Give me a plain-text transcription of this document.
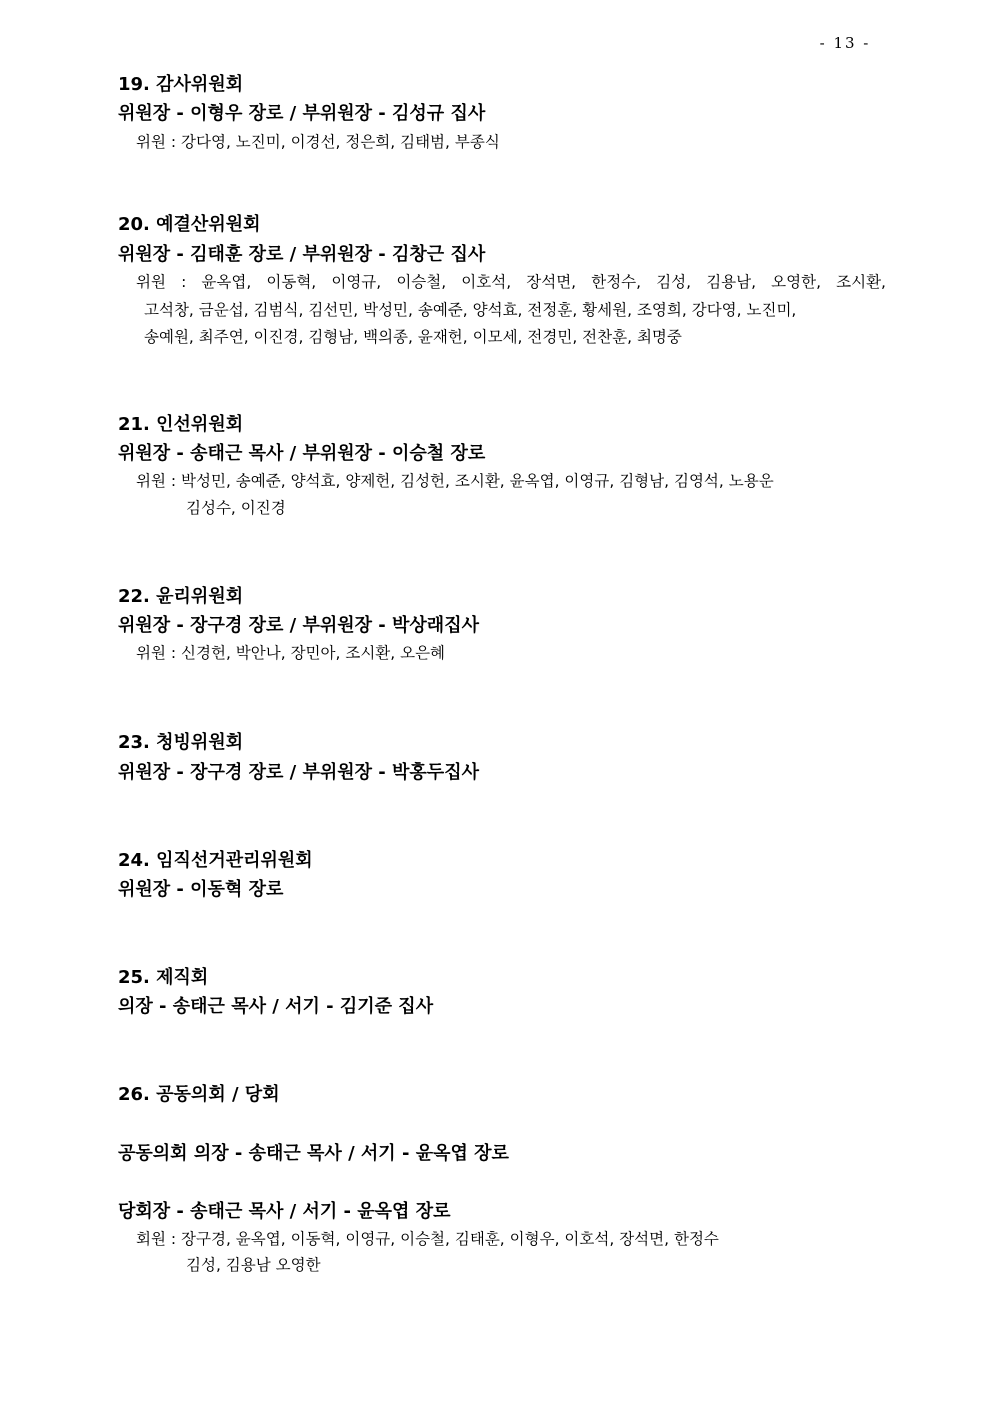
- 13 -
19. 감사위원회
위원장 - 이형우 장로 / 부위원장 - 김성규 집사
위원 : 강다영, 노진미, 이경선, 정은희, 김태범, 부종식
20. 예결산위원회
위원장 - 김태훈 장로 / 부위원장 - 김창근 집사
위원 : 윤옥엽, 이동혁, 이영규, 이승철, 이호석, 장석면, 한정수, 김성, 김용남, 오영한, 조시환,
고석창, 금운섭, 김범식, 김선민, 박성민, 송예준, 양석효, 전정훈, 황세원, 조영희, 강다영, 노진미,
송예원, 최주연, 이진경, 김형남, 백의종, 윤재헌, 이모세, 전경민, 전찬훈, 최명중
21. 인선위원회
위원장 - 송태근 목사 / 부위원장 - 이승철 장로
위원 : 박성민, 송예준, 양석효, 양제헌, 김성헌, 조시환, 윤옥엽, 이영규, 김형남, 김영석, 노용운
김성수, 이진경
22. 윤리위원회
위원장 - 장구경 장로 / 부위원장 - 박상래집사
위원 : 신경헌, 박안나, 장민아, 조시환, 오은혜
23. 청빙위원회
위원장 - 장구경 장로 / 부위원장 - 박홍두집사
24. 임직선거관리위원회
위원장 - 이동혁 장로
25. 제직회
의장 - 송태근 목사 / 서기 - 김기준 집사
26. 공동의회 / 당회
공동의회 의장 - 송태근 목사 / 서기 - 윤옥엽 장로
당회장 - 송태근 목사 / 서기 - 윤옥엽 장로
회원 : 장구경, 윤옥엽, 이동혁, 이영규, 이승철, 김태훈, 이형우, 이호석, 장석면, 한정수
김성, 김용남 오영한
